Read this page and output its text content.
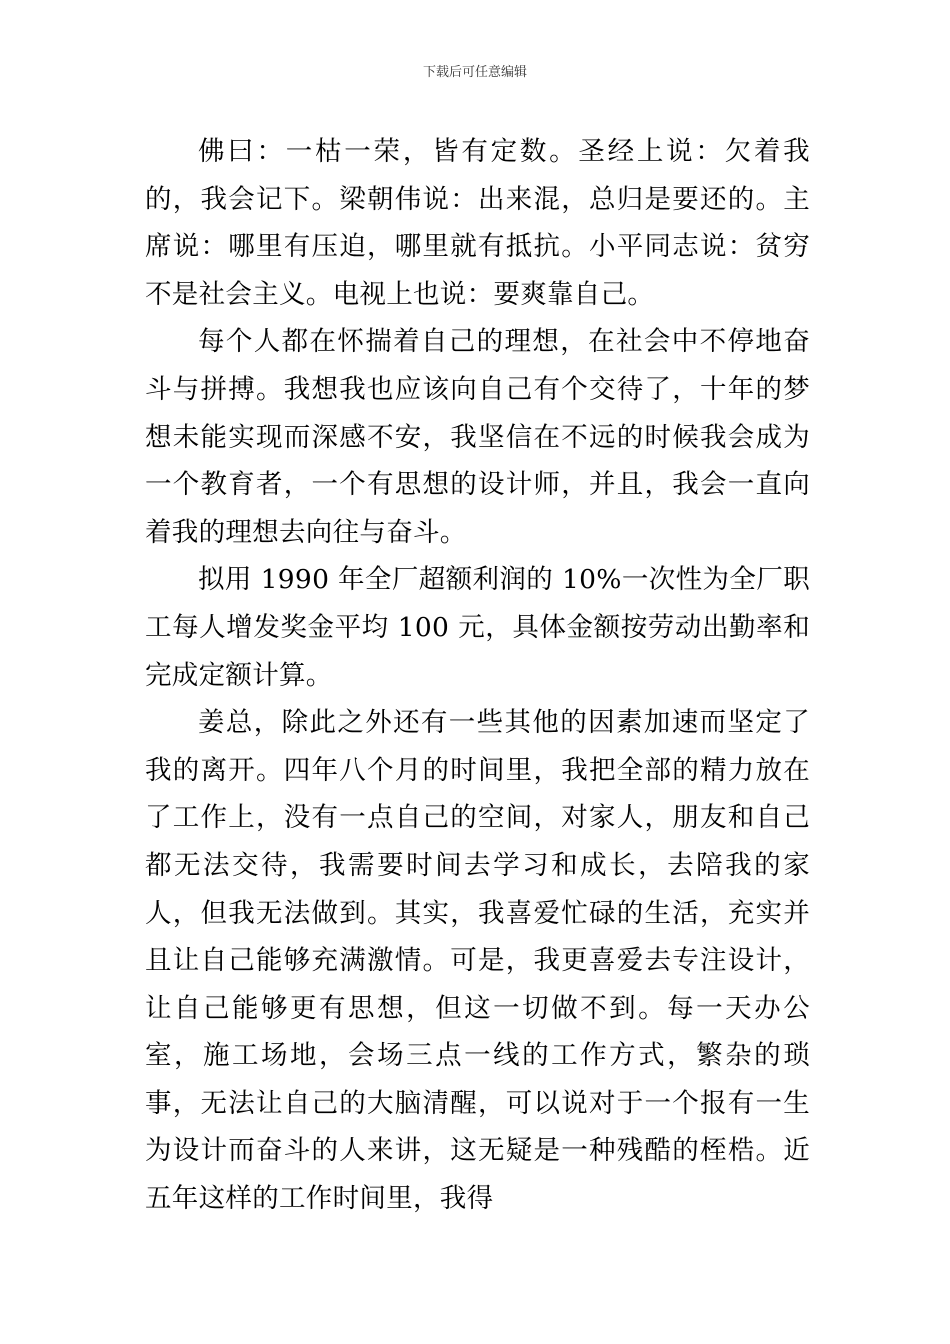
下载后可任意编辑

佛曰：一枯一荣，皆有定数。圣经上说：欠着我的，我会记下。梁朝伟说：出来混，总归是要还的。主席说：哪里有压迫，哪里就有抵抗。小平同志说：贫穷不是社会主义。电视上也说：要爽靠自己。

每个人都在怀揣着自己的理想，在社会中不停地奋斗与拼搏。我想我也应该向自己有个交待了，十年的梦想未能实现而深感不安，我坚信在不远的时候我会成为一个教育者，一个有思想的设计师，并且，我会一直向着我的理想去向往与奋斗。

拟用 1990 年全厂超额利润的 10%一次性为全厂职工每人增发奖金平均 100 元，具体金额按劳动出勤率和完成定额计算。

姜总，除此之外还有一些其他的因素加速而坚定了我的离开。四年八个月的时间里，我把全部的精力放在了工作上，没有一点自己的空间，对家人，朋友和自己都无法交待，我需要时间去学习和成长，去陪我的家人，但我无法做到。其实，我喜爱忙碌的生活，充实并且让自己能够充满激情。可是，我更喜爱去专注设计，让自己能够更有思想，但这一切做不到。每一天办公室，施工场地，会场三点一线的工作方式，繁杂的琐事，无法让自己的大脑清醒，可以说对于一个报有一生为设计而奋斗的人来讲，这无疑是一种残酷的桎梏。近五年这样的工作时间里，我得
